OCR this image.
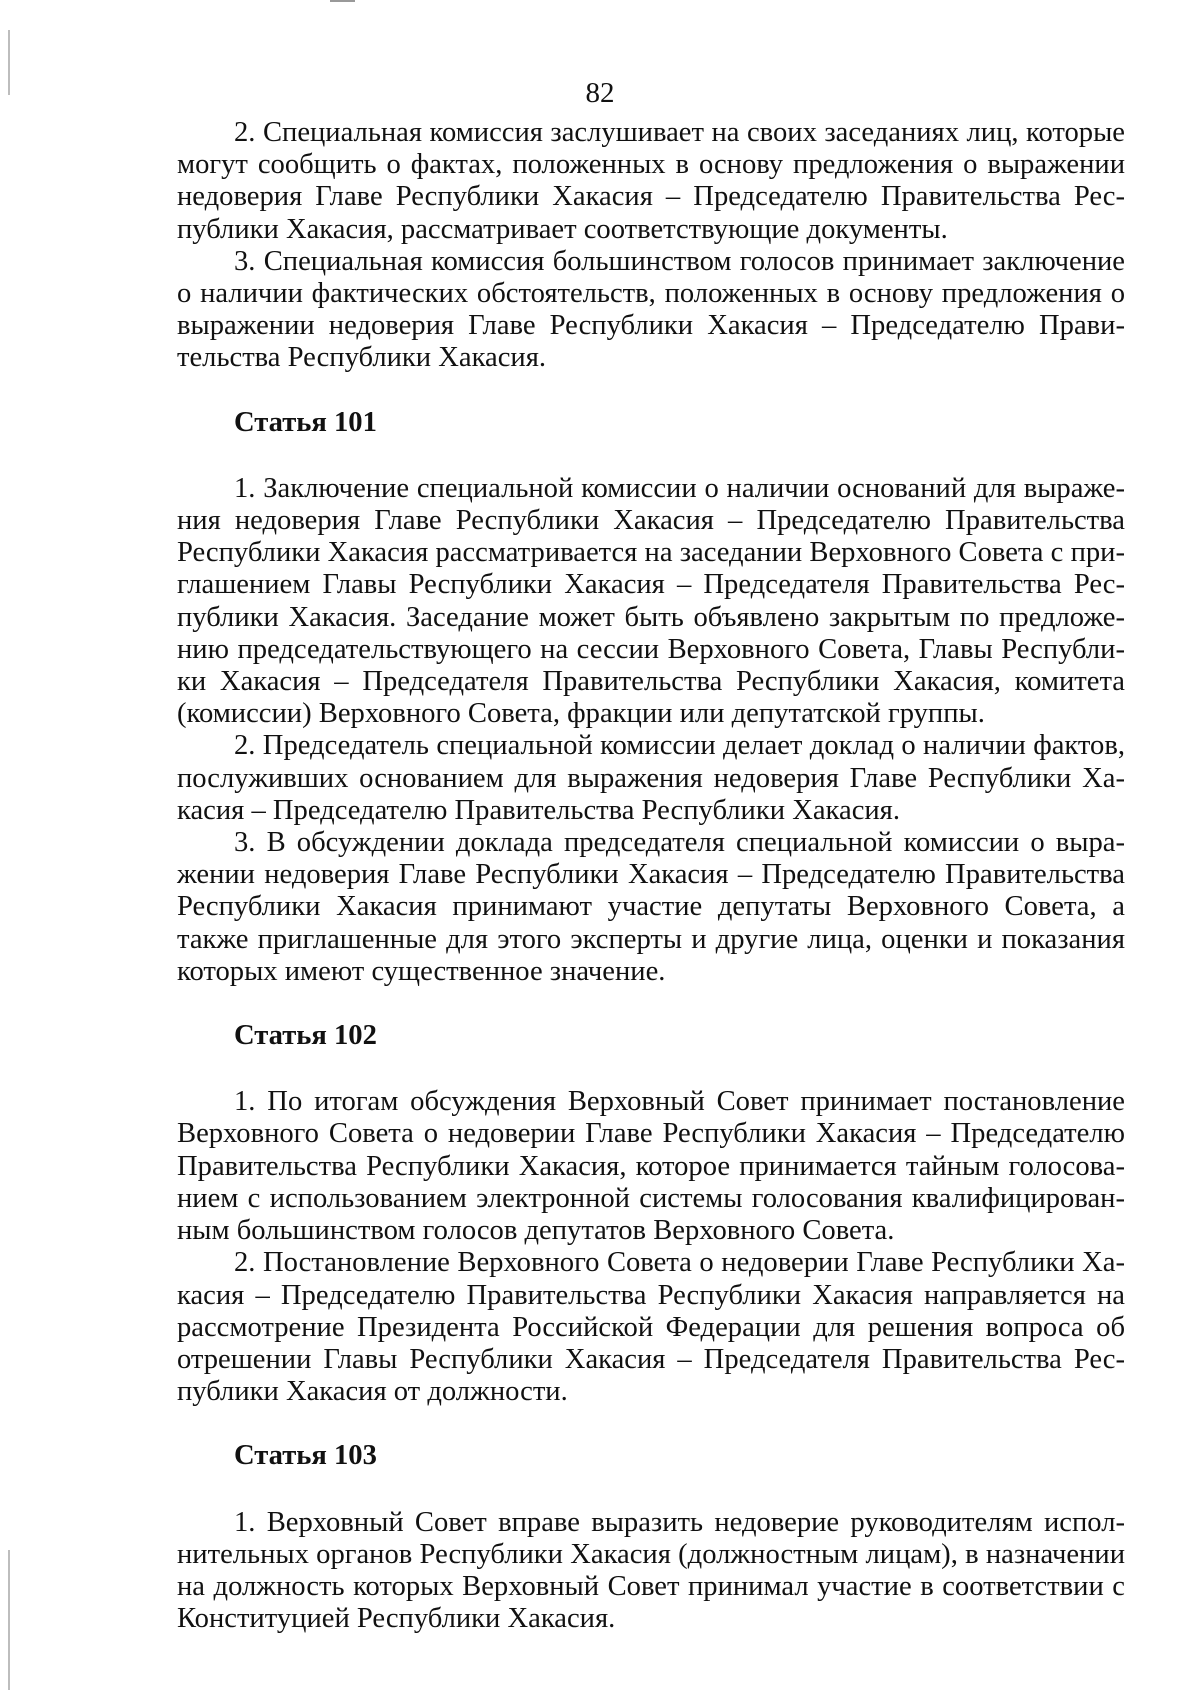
82

2. Специальная комиссия заслушивает на своих заседаниях лиц, которые могут сообщить о фактах, положенных в основу предложения о выражении недоверия Главе Республики Хакасия – Председателю Правительства Республики Хакасия, рассматривает соответствующие документы.

3. Специальная комиссия большинством голосов принимает заключение о наличии фактических обстоятельств, положенных в основу предложения о выражении недоверия Главе Республики Хакасия – Председателю Правительства Республики Хакасия.

Статья 101

1. Заключение специальной комиссии о наличии оснований для выражения недоверия Главе Республики Хакасия – Председателю Правительства Республики Хакасия рассматривается на заседании Верховного Совета с приглашением Главы Республики Хакасия – Председателя Правительства Республики Хакасия. Заседание может быть объявлено закрытым по предложению председательствующего на сессии Верховного Совета, Главы Республики Хакасия – Председателя Правительства Республики Хакасия, комитета (комиссии) Верховного Совета, фракции или депутатской группы.

2. Председатель специальной комиссии делает доклад о наличии фактов, послуживших основанием для выражения недоверия Главе Республики Хакасия – Председателю Правительства Республики Хакасия.

3. В обсуждении доклада председателя специальной комиссии о выражении недоверия Главе Республики Хакасия – Председателю Правительства Республики Хакасия принимают участие депутаты Верховного Совета, а также приглашенные для этого эксперты и другие лица, оценки и показания которых имеют существенное значение.

Статья 102

1. По итогам обсуждения Верховный Совет принимает постановление Верховного Совета о недоверии Главе Республики Хакасия – Председателю Правительства Республики Хакасия, которое принимается тайным голосованием с использованием электронной системы голосования квалифицированным большинством голосов депутатов Верховного Совета.

2. Постановление Верховного Совета о недоверии Главе Республики Хакасия – Председателю Правительства Республики Хакасия направляется на рассмотрение Президента Российской Федерации для решения вопроса об отрешении Главы Республики Хакасия – Председателя Правительства Республики Хакасия от должности.

Статья 103

1. Верховный Совет вправе выразить недоверие руководителям исполнительных органов Республики Хакасия (должностным лицам), в назначении на должность которых Верховный Совет принимал участие в соответствии с Конституцией Республики Хакасия.
